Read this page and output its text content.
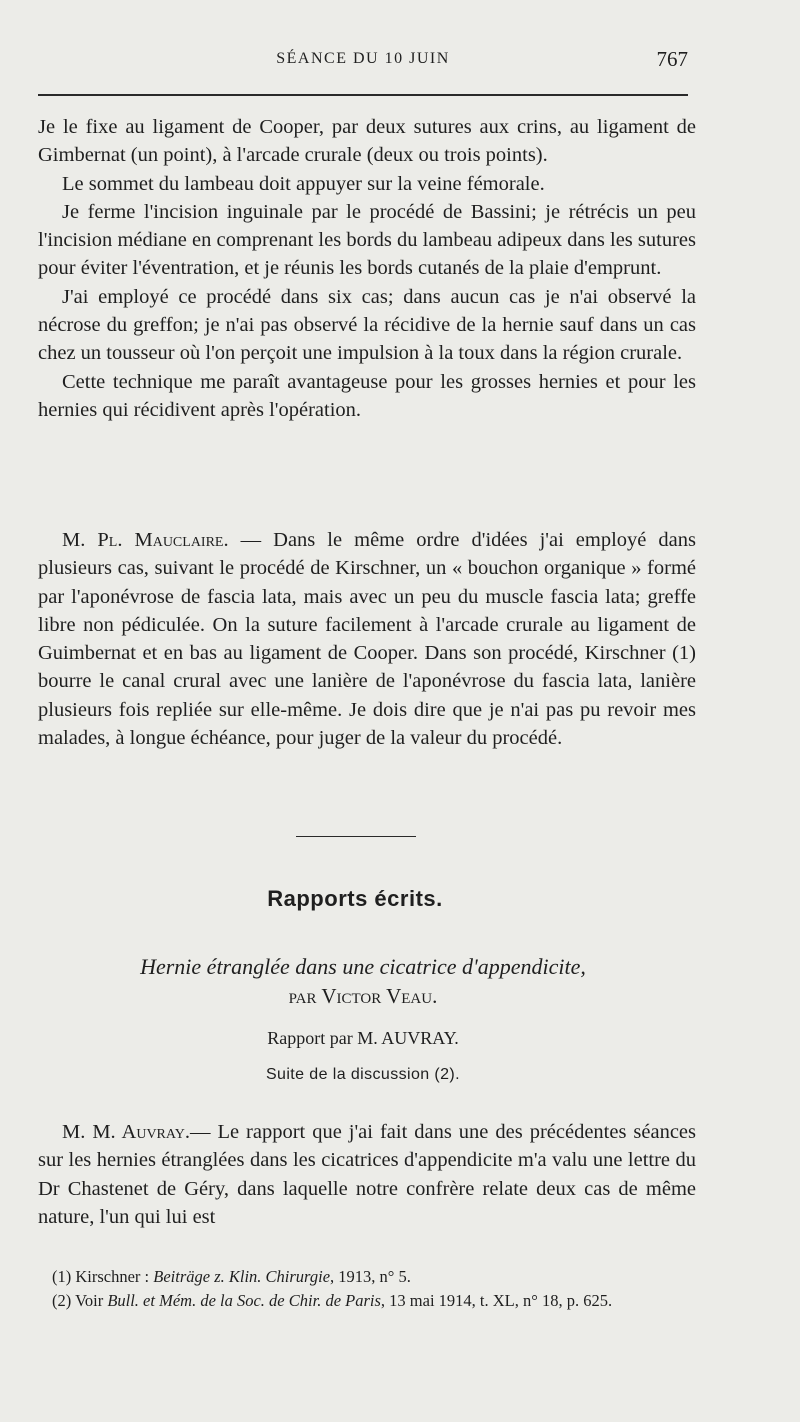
SÉANCE DU 10 JUIN	767

Je le fixe au ligament de Cooper, par deux sutures aux crins, au ligament de Gimbernat (un point), à l'arcade crurale (deux ou trois points).

Le sommet du lambeau doit appuyer sur la veine fémorale.

Je ferme l'incision inguinale par le procédé de Bassini; je rétrécis un peu l'incision médiane en comprenant les bords du lambeau adipeux dans les sutures pour éviter l'éventration, et je réunis les bords cutanés de la plaie d'emprunt.

J'ai employé ce procédé dans six cas; dans aucun cas je n'ai observé la nécrose du greffon; je n'ai pas observé la récidive de la hernie sauf dans un cas chez un tousseur où l'on perçoit une impulsion à la toux dans la région crurale.

Cette technique me paraît avantageuse pour les grosses hernies et pour les hernies qui récidivent après l'opération.

M. Pl. Mauclaire. — Dans le même ordre d'idées j'ai employé dans plusieurs cas, suivant le procédé de Kirschner, un « bouchon organique » formé par l'aponévrose de fascia lata, mais avec un peu du muscle fascia lata; greffe libre non pédiculée. On la suture facilement à l'arcade crurale au ligament de Guimbernat et en bas au ligament de Cooper. Dans son procédé, Kirschner (1) bourre le canal crural avec une lanière de l'aponévrose du fascia lata, lanière plusieurs fois repliée sur elle-même. Je dois dire que je n'ai pas pu revoir mes malades, à longue échéance, pour juger de la valeur du procédé.

Rapports écrits.
Hernie étranglée dans une cicatrice d'appendicite,
par Victor Veau.
Rapport par M. AUVRAY.
Suite de la discussion (2).

M. M. Auvray.— Le rapport que j'ai fait dans une des précédentes séances sur les hernies étranglées dans les cicatrices d'appendicite m'a valu une lettre du Dr Chastenet de Géry, dans laquelle notre confrère relate deux cas de même nature, l'un qui lui est

(1) Kirschner : Beiträge z. Klin. Chirurgie, 1913, n° 5.

(2) Voir Bull. et Mém. de la Soc. de Chir. de Paris, 13 mai 1914, t. XL, n° 18, p. 625.
